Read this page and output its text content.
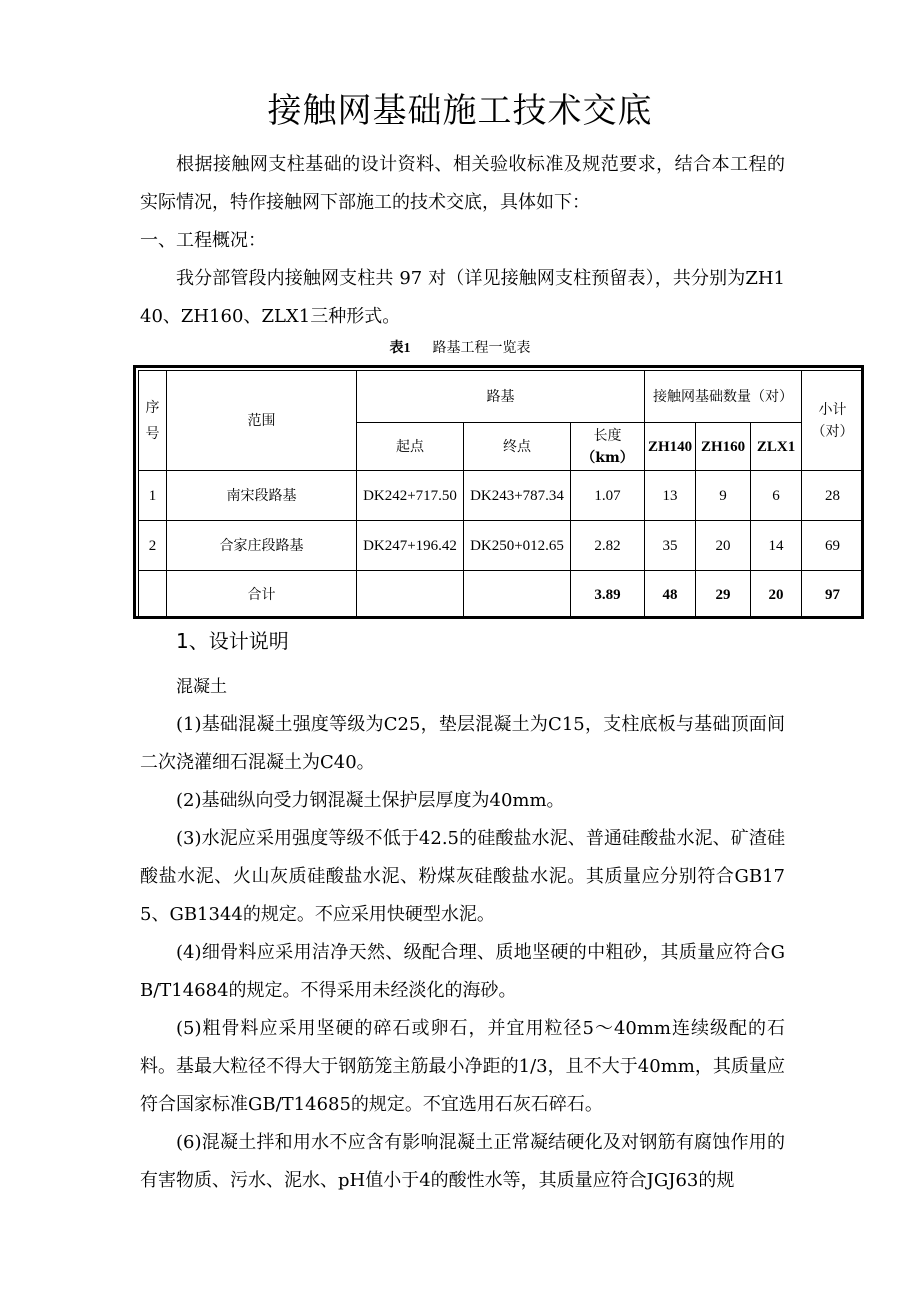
接触网基础施工技术交底

根据接触网支柱基础的设计资料、相关验收标准及规范要求，结合本工程的实际情况，特作接触网下部施工的技术交底，具体如下：

一、工程概况：

我分部管段内接触网支柱共 97 对（详见接触网支柱预留表），共分别为ZH140、ZH160、ZLX1三种形式。

表1 路基工程一览表
序号	范围	路基			接触网基础数量（对）			小计
（对）

		起点	终点	长度
（km）	ZH140	ZH160	ZLX1	
1	南宋段路基	DK242+717.50	DK243+787.34	1.07	13	9	6	28
2	合家庄段路基	DK247+196.42	DK250+012.65	2.82	35	20	14	69
	合计			3.89	48	29	20	97
1、设计说明
混凝土

(1)基础混凝土强度等级为C25，垫层混凝土为C15，支柱底板与基础顶面间二次浇灌细石混凝土为C40。

(2)基础纵向受力钢混凝土保护层厚度为40mm。

(3)水泥应采用强度等级不低于42.5的硅酸盐水泥、普通硅酸盐水泥、矿渣硅酸盐水泥、火山灰质硅酸盐水泥、粉煤灰硅酸盐水泥。其质量应分别符合GB175、GB1344的规定。不应采用快硬型水泥。

(4)细骨料应采用洁净天然、级配合理、质地坚硬的中粗砂，其质量应符合GB/T14684的规定。不得采用未经淡化的海砂。

(5)粗骨料应采用坚硬的碎石或卵石，并宜用粒径5～40mm连续级配的石料。基最大粒径不得大于钢筋笼主筋最小净距的1/3，且不大于40mm，其质量应符合国家标准GB/T14685的规定。不宜选用石灰石碎石。

(6)混凝土拌和用水不应含有影响混凝土正常凝结硬化及对钢筋有腐蚀作用的有害物质、污水、泥水、pH值小于4的酸性水等，其质量应符合JGJ63的规
